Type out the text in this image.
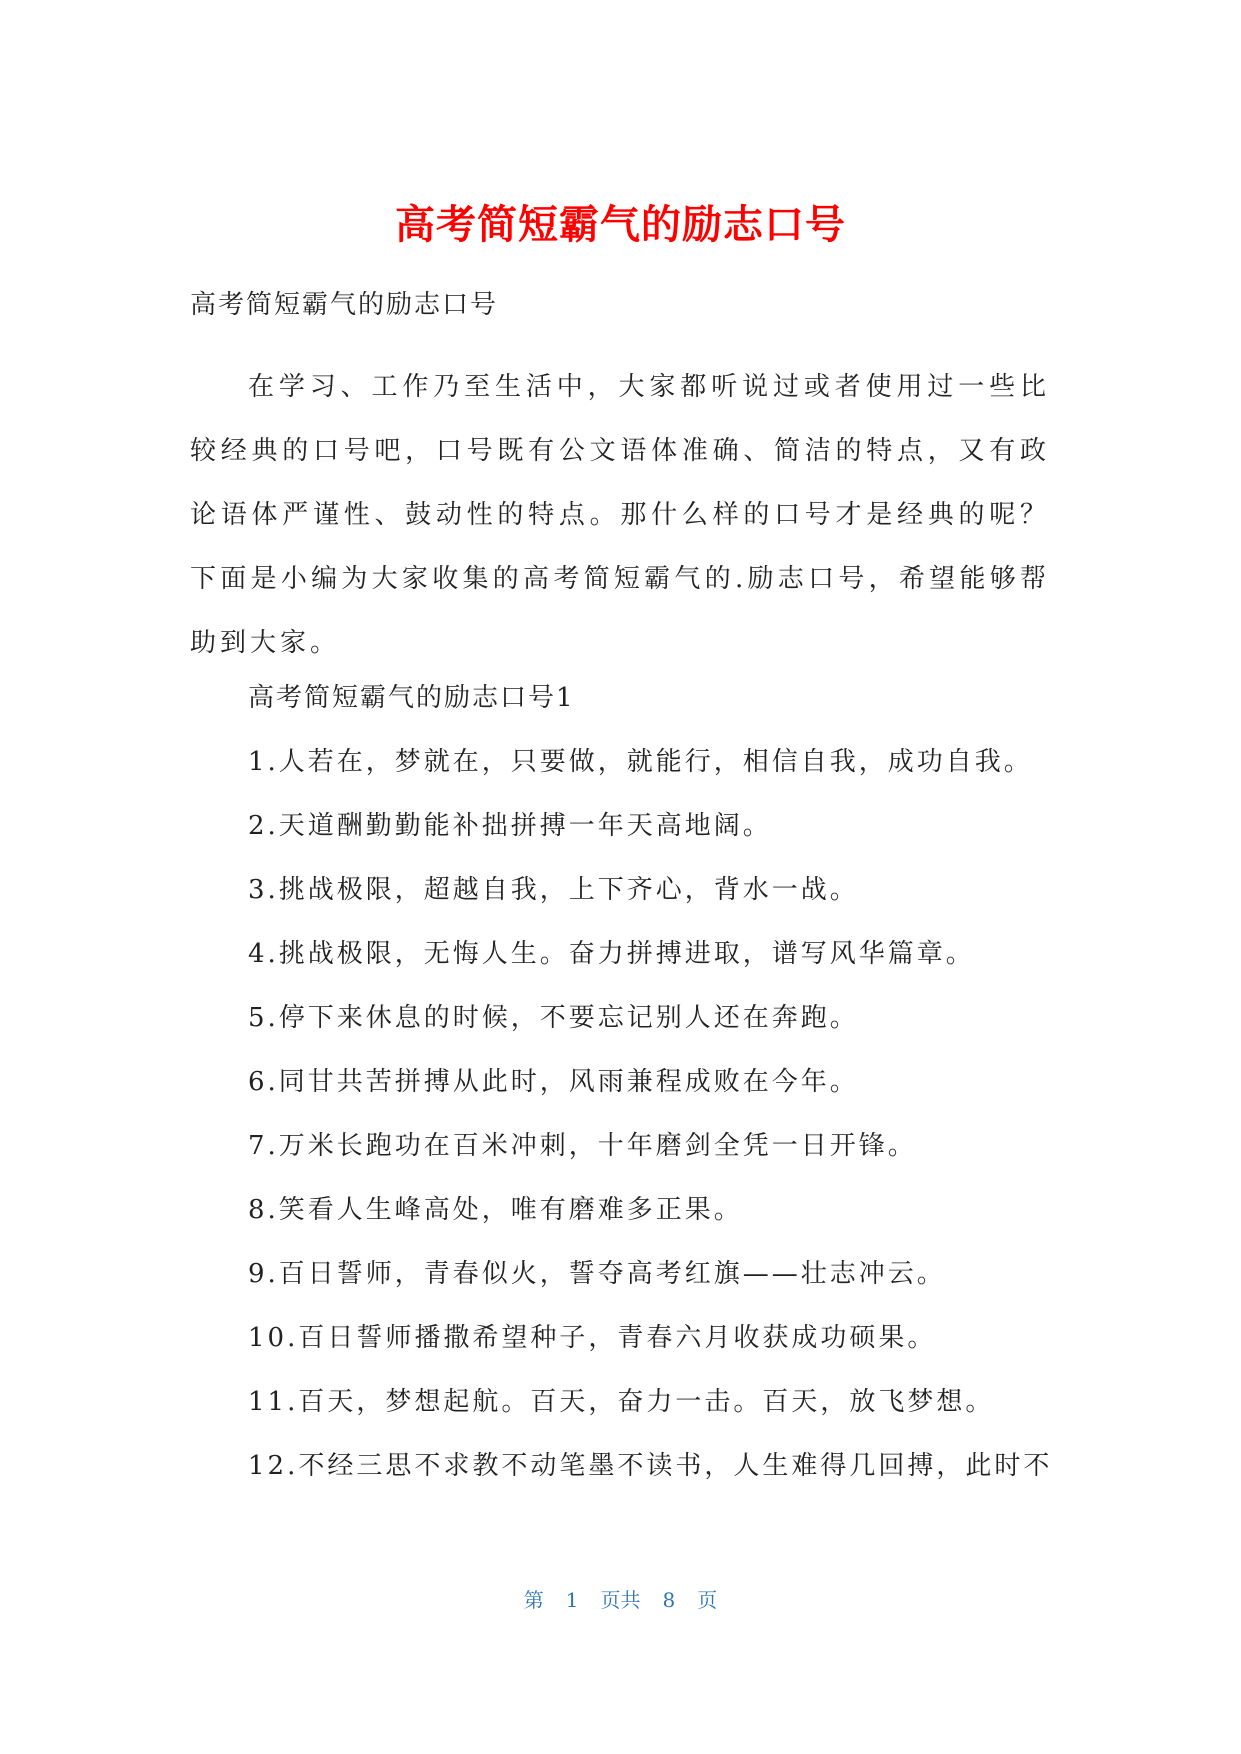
高考简短霸气的励志口号

高考简短霸气的励志口号

在学习、工作乃至生活中，大家都听说过或者使用过一些比较经典的口号吧，口号既有公文语体准确、简洁的特点，又有政论语体严谨性、鼓动性的特点。那什么样的口号才是经典的呢？下面是小编为大家收集的高考简短霸气的.励志口号，希望能够帮助到大家。

高考简短霸气的励志口号1

1.人若在，梦就在，只要做，就能行，相信自我，成功自我。
2.天道酬勤勤能补拙拼搏一年天高地阔。
3.挑战极限，超越自我，上下齐心，背水一战。
4.挑战极限，无悔人生。奋力拼搏进取，谱写风华篇章。
5.停下来休息的时候，不要忘记别人还在奔跑。
6.同甘共苦拼搏从此时，风雨兼程成败在今年。
7.万米长跑功在百米冲刺，十年磨剑全凭一日开锋。
8.笑看人生峰高处，唯有磨难多正果。
9.百日誓师，青春似火，誓夺高考红旗——壮志冲云。
10.百日誓师播撒希望种子，青春六月收获成功硕果。
11.百天，梦想起航。百天，奋力一击。百天，放飞梦想。
12.不经三思不求教不动笔墨不读书，人生难得几回搏，此时不

第 1 页共 8 页
